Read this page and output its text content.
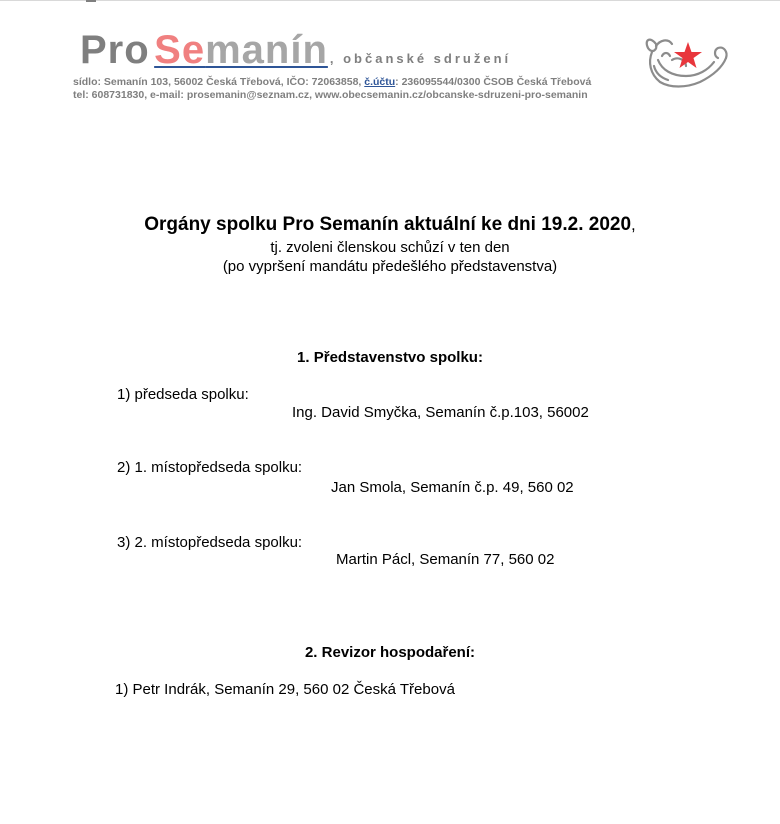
Pro Semanín , občanské sdružení
sídlo: Semanín 103, 56002 Česká Třebová, IČO: 72063858, č.účtu: 236095544/0300 ČSOB Česká Třebová
tel: 608731830, e-mail: prosemanin@seznam.cz, www.obecsemanin.cz/obcanske-sdruzeni-pro-semanin
Orgány spolku Pro Semanín aktuální ke dni 19.2. 2020,
tj. zvoleni členskou schůzí v ten den
(po vypršení mandátu předešlého představenstva)
1. Představenstvo spolku:
1) předseda spolku:
Ing. David Smyčka, Semanín č.p.103, 56002
2) 1. místopředseda spolku:
Jan Smola, Semanín č.p. 49, 560 02
3) 2. místopředseda spolku:
Martin Pácl, Semanín 77, 560 02
2. Revizor hospodaření:
1) Petr Indrák, Semanín 29, 560 02 Česká Třebová
